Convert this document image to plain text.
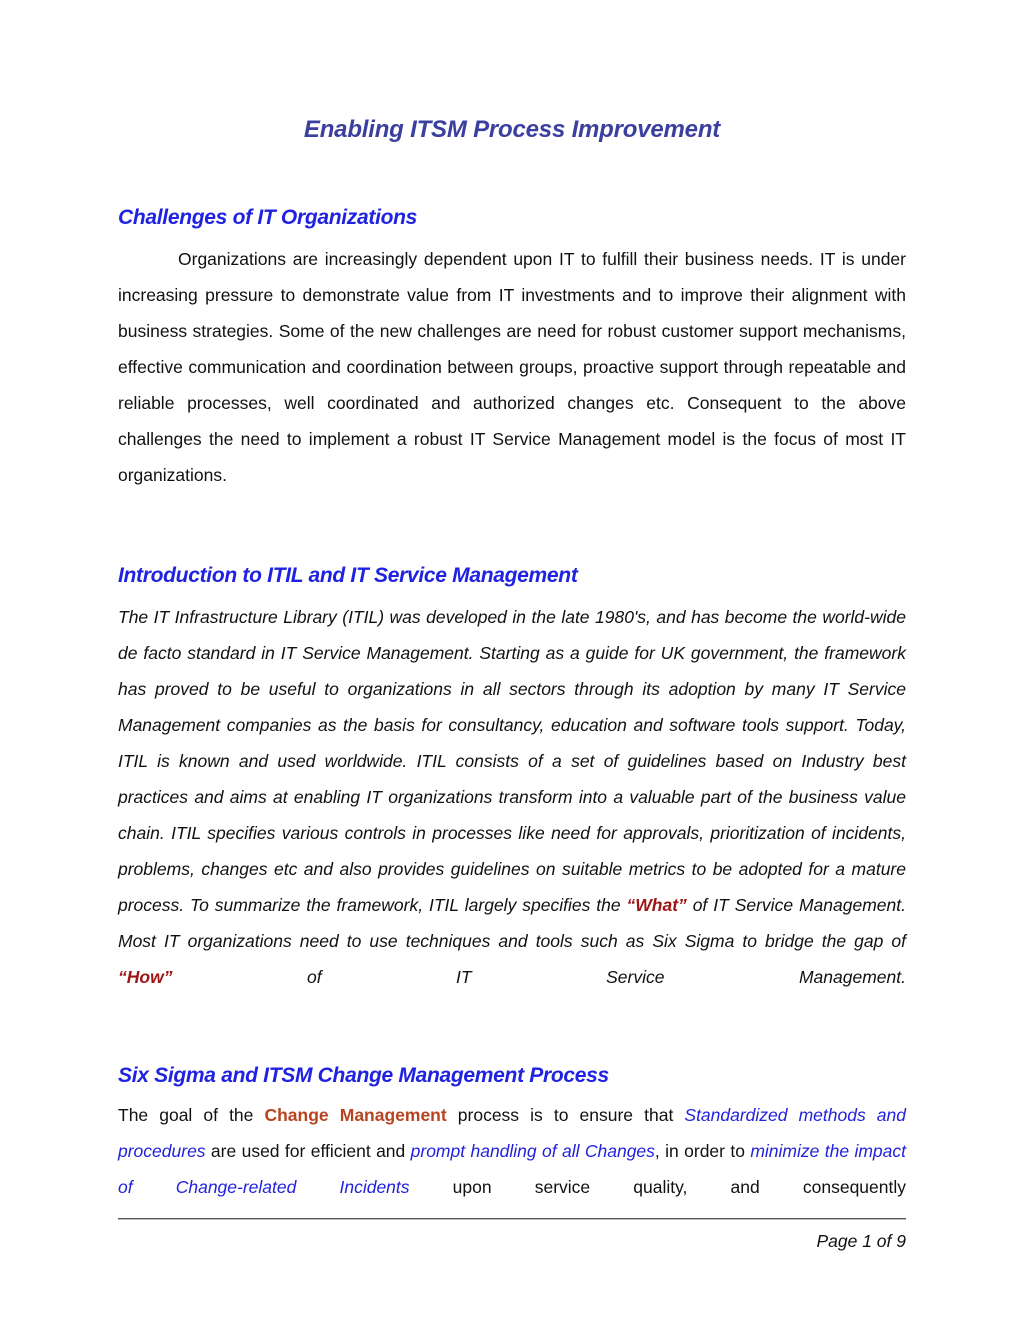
Enabling ITSM Process Improvement
Challenges of IT Organizations

Organizations are increasingly dependent upon IT to fulfill their business needs. IT is under increasing pressure to demonstrate value from IT investments and to improve their alignment with business strategies. Some of the new challenges are need for robust customer support mechanisms, effective communication and coordination between groups, proactive support through repeatable and reliable processes, well coordinated and authorized changes etc. Consequent to the above challenges the need to implement a robust IT Service Management model is the focus of most IT organizations.

Introduction to ITIL and IT Service Management

The IT Infrastructure Library (ITIL) was developed in the late 1980's, and has become the world-wide de facto standard in IT Service Management. Starting as a guide for UK government, the framework has proved to be useful to organizations in all sectors through its adoption by many IT Service Management companies as the basis for consultancy, education and software tools support. Today, ITIL is known and used worldwide. ITIL consists of a set of guidelines based on Industry best practices and aims at enabling IT organizations transform into a valuable part of the business value chain. ITIL specifies various controls in processes like need for approvals, prioritization of incidents, problems, changes etc and also provides guidelines on suitable metrics to be adopted for a mature process. To summarize the framework, ITIL largely specifies the “What” of IT Service Management. Most IT organizations need to use techniques and tools such as Six Sigma to bridge the gap of “How” of IT Service Management.

Six Sigma and ITSM Change Management Process

The goal of the Change Management process is to ensure that Standardized methods and procedures are used for efficient and prompt handling of all Changes, in order to minimize the impact of Change-related Incidents upon service quality, and consequently

Page 1 of 9
